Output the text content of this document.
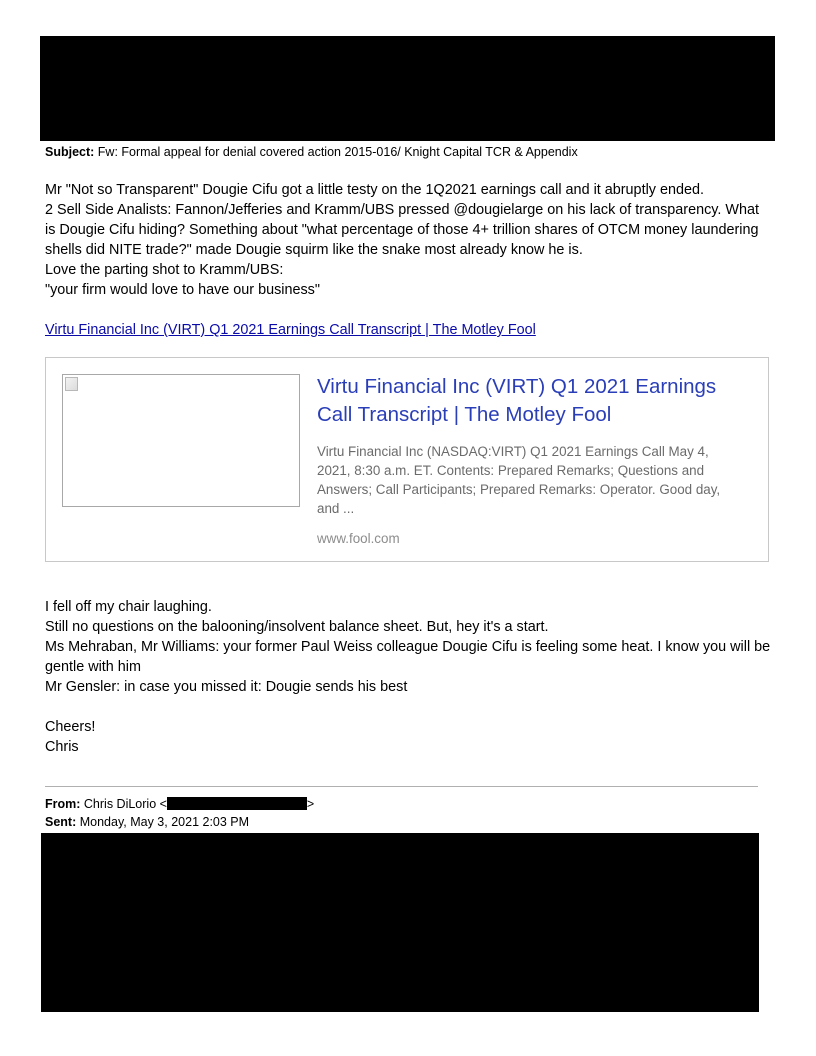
Subject: Fw: Formal appeal for denial covered action 2015-016/ Knight Capital TCR & Appendix

Mr "Not so Transparent" Dougie Cifu got a little testy on the 1Q2021 earnings call and it abruptly ended.

2 Sell Side Analists: Fannon/Jefferies and Kramm/UBS pressed @dougielarge on his lack of transparency. What is Dougie Cifu hiding? Something about "what percentage of those 4+ trillion shares of OTCM money laundering shells did NITE trade?" made Dougie squirm like the snake most already know he is.

Love the parting shot to Kramm/UBS:

"your firm would love to have our business"

Virtu Financial Inc (VIRT) Q1 2021 Earnings Call Transcript | The Motley Fool
Virtu Financial Inc (VIRT) Q1 2021 Earnings Call Transcript | The Motley Fool
Virtu Financial Inc (NASDAQ:VIRT) Q1 2021 Earnings Call May 4, 2021, 8:30 a.m. ET. Contents: Prepared Remarks; Questions and Answers; Call Participants; Prepared Remarks: Operator. Good day, and ...
www.fool.com

I fell off my chair laughing.

Still no questions on the balooning/insolvent balance sheet. But, hey it's a start.

Ms Mehraban, Mr Williams: your former Paul Weiss colleague Dougie Cifu is feeling some heat. I know you will be gentle with him

Mr Gensler: in case you missed it: Dougie sends his best

Cheers!

Chris

From: Chris DiLorio <	>
Sent: Monday, May 3, 2021 2:03 PM
